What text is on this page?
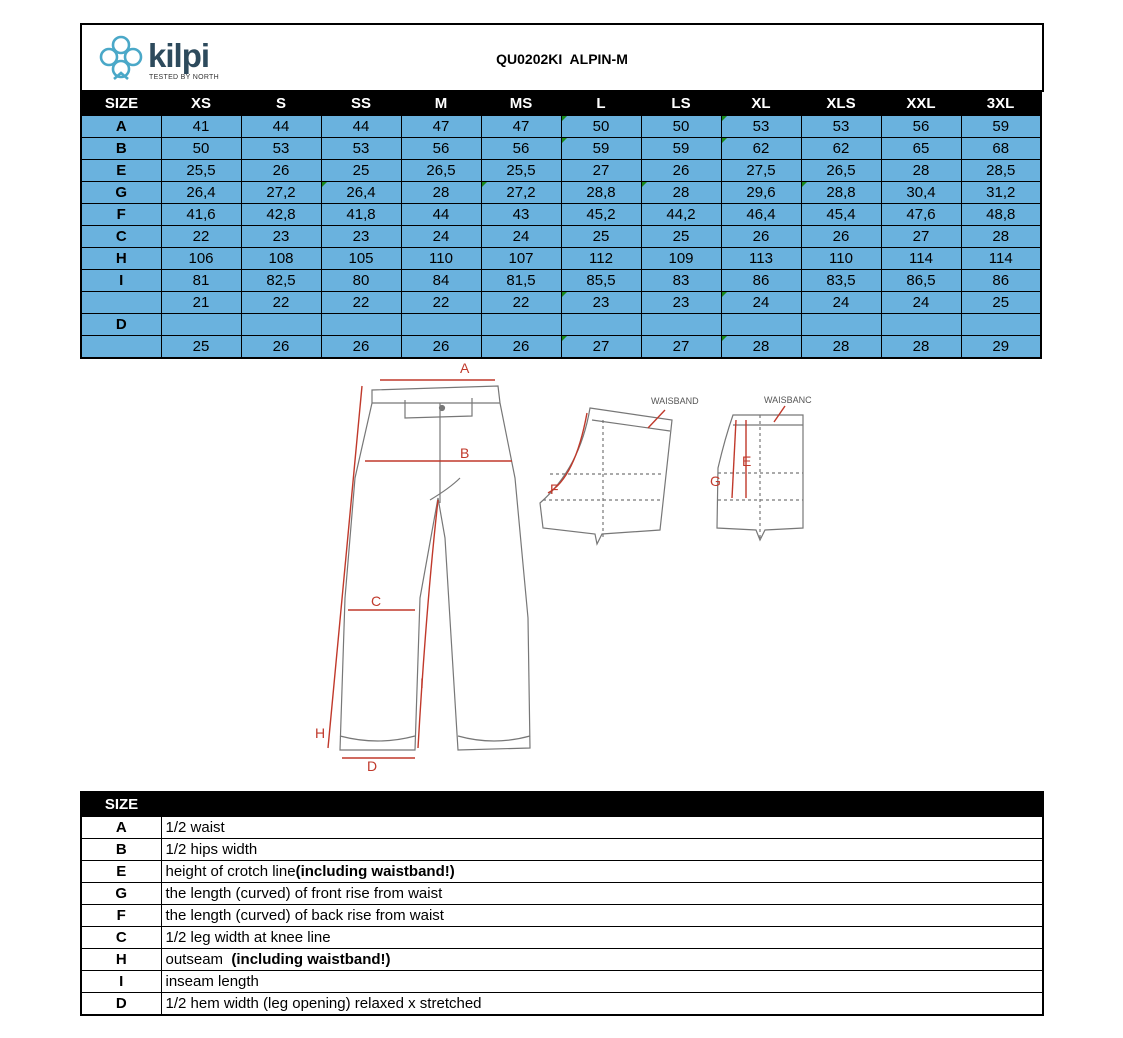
kilpi
TESTED BY NORTH
QU0202KI  ALPIN-M
SIZE	XS	S	SS	M	MS	L	LS	XL	XLS	XXL	3XL
A	41	44	44	47	47	50	50	53	53	56	59
B	50	53	53	56	56	59	59	62	62	65	68
E	25,5	26	25	26,5	25,5	27	26	27,5	26,5	28	28,5
G	26,4	27,2	26,4	28	27,2	28,8	28	29,6	28,8	30,4	31,2
F	41,6	42,8	41,8	44	43	45,2	44,2	46,4	45,4	47,6	48,8
C	22	23	23	24	24	25	25	26	26	27	28
H	106	108	105	110	107	112	109	113	110	114	114
I	81	82,5	80	84	81,5	85,5	83	86	83,5	86,5	86
	21	22	22	22	22	23	23	24	24	24	25
D											
	25	26	26	26	26	27	27	28	28	28	29
A
B
C
D
E
F	G
H
I
WAISBAND	WAISBANC
SIZE	
A	1/2 waist
B	1/2 hips width
E	height of crotch line(including waistband!)
G	the length (curved) of front rise from waist
F	the length (curved) of back rise from waist
C	1/2 leg width at knee line
H	outseam  (including waistband!)
I	inseam length
D	1/2 hem width (leg opening) relaxed x stretched
